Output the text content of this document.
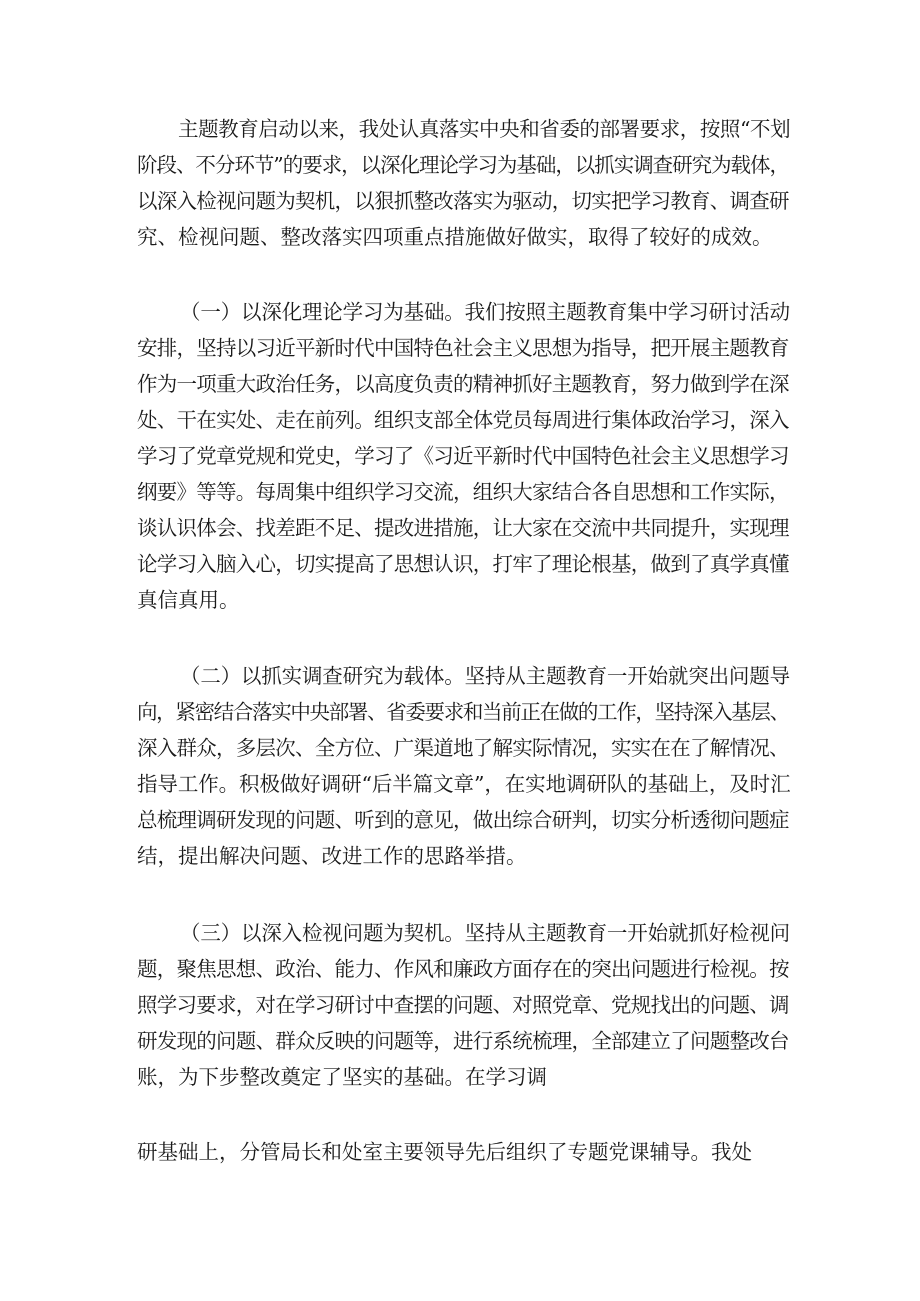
主题教育启动以来，我处认真落实中央和省委的部署要求，按照“不划
阶段、不分环节”的要求，以深化理论学习为基础，以抓实调查研究为载体，
以深入检视问题为契机，以狠抓整改落实为驱动，切实把学习教育、调查研
究、检视问题、整改落实四项重点措施做好做实，取得了较好的成效。
（一）以深化理论学习为基础。我们按照主题教育集中学习研讨活动
安排，坚持以习近平新时代中国特色社会主义思想为指导，把开展主题教育
作为一项重大政治任务，以高度负责的精神抓好主题教育，努力做到学在深
处、干在实处、走在前列。组织支部全体党员每周进行集体政治学习，深入
学习了党章党规和党史，学习了《习近平新时代中国特色社会主义思想学习
纲要》等等。每周集中组织学习交流，组织大家结合各自思想和工作实际，
谈认识体会、找差距不足、提改进措施，让大家在交流中共同提升，实现理
论学习入脑入心，切实提高了思想认识，打牢了理论根基，做到了真学真懂
真信真用。
（二）以抓实调查研究为载体。坚持从主题教育一开始就突出问题导
向，紧密结合落实中央部署、省委要求和当前正在做的工作，坚持深入基层、
深入群众，多层次、全方位、广渠道地了解实际情况，实实在在了解情况、
指导工作。积极做好调研“后半篇文章”，在实地调研队的基础上，及时汇
总梳理调研发现的问题、听到的意见，做出综合研判，切实分析透彻问题症
结，提出解决问题、改进工作的思路举措。
（三）以深入检视问题为契机。坚持从主题教育一开始就抓好检视问
题，聚焦思想、政治、能力、作风和廉政方面存在的突出问题进行检视。按
照学习要求，对在学习研讨中查摆的问题、对照党章、党规找出的问题、调
研发现的问题、群众反映的问题等，进行系统梳理，全部建立了问题整改台
账，为下步整改奠定了坚实的基础。在学习调
研基础上，分管局长和处室主要领导先后组织了专题党课辅导。我处
